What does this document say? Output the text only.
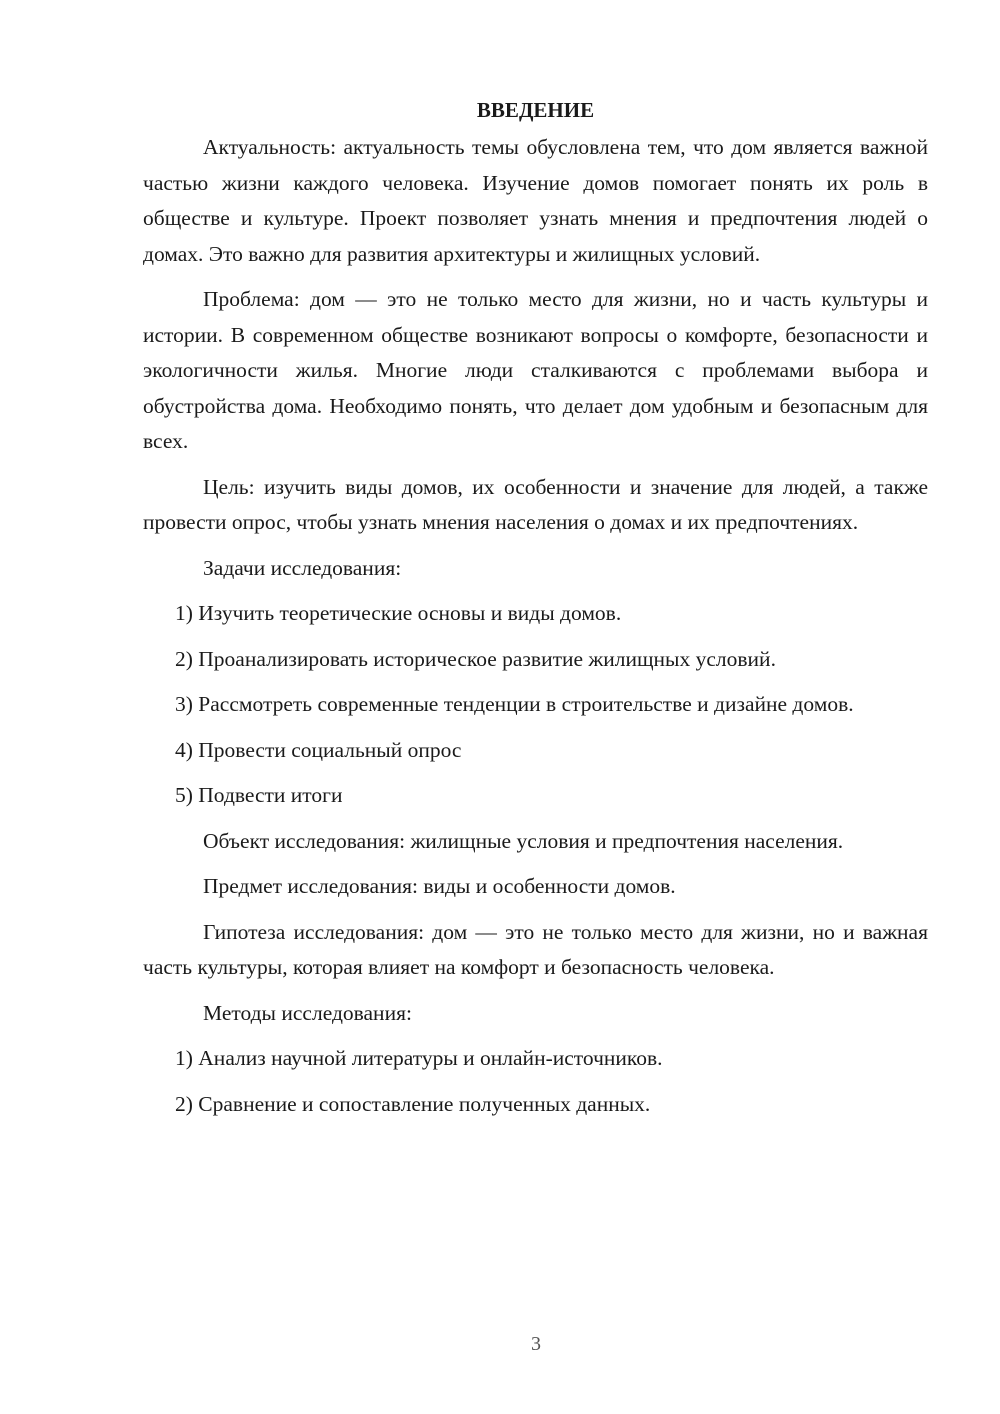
ВВЕДЕНИЕ

Актуальность: актуальность темы обусловлена тем, что дом является важной частью жизни каждого человека. Изучение домов помогает понять их роль в обществе и культуре. Проект позволяет узнать мнения и предпочтения людей о домах. Это важно для развития архитектуры и жилищных условий.

Проблема: дом — это не только место для жизни, но и часть культуры и истории. В современном обществе возникают вопросы о комфорте, безопасности и экологичности жилья. Многие люди сталкиваются с проблемами выбора и обустройства дома. Необходимо понять, что делает дом удобным и безопасным для всех.

Цель: изучить виды домов, их особенности и значение для людей, а также провести опрос, чтобы узнать мнения населения о домах и их предпочтениях.

Задачи исследования:

1) Изучить теоретические основы и виды домов.

2) Проанализировать историческое развитие жилищных условий.

3) Рассмотреть современные тенденции в строительстве и дизайне домов.

4) Провести социальный опрос

5) Подвести итоги

Объект исследования: жилищные условия и предпочтения населения.

Предмет исследования: виды и особенности домов.

Гипотеза исследования: дом — это не только место для жизни, но и важная часть культуры, которая влияет на комфорт и безопасность человека.

Методы исследования:

1) Анализ научной литературы и онлайн-источников.

2) Сравнение и сопоставление полученных данных.

3
